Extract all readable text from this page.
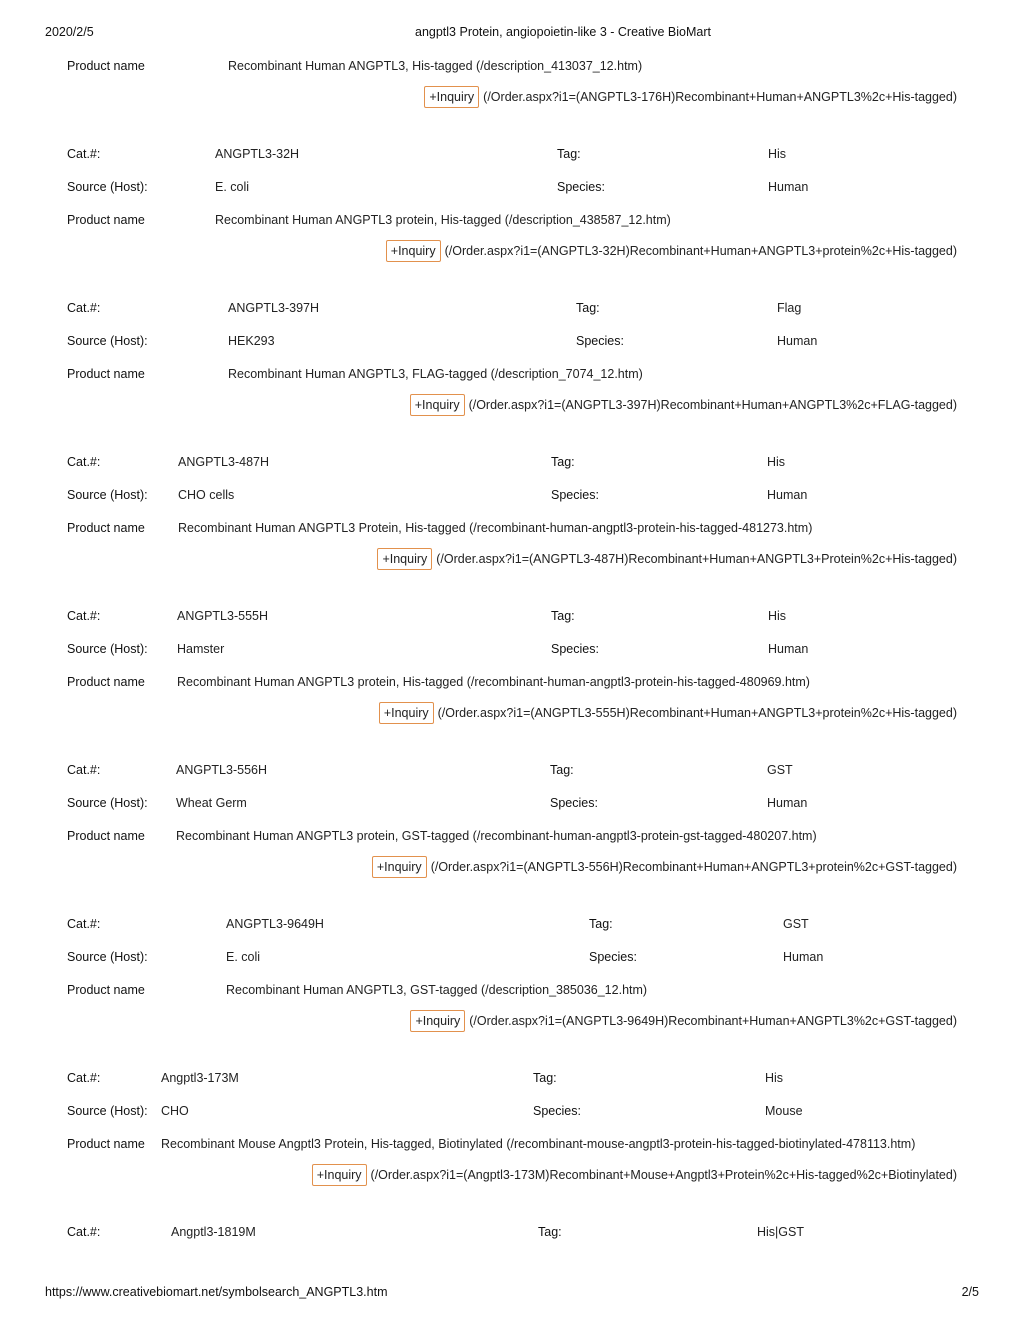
2020/2/5	angptl3 Protein, angiopoietin-like 3 - Creative BioMart
Product name	Recombinant Human ANGPTL3, His-tagged (/description_413037_12.htm)
+Inquiry (/Order.aspx?i1=(ANGPTL3-176H)Recombinant+Human+ANGPTL3%2c+His-tagged)
Cat.#:	ANGPTL3-32H	Tag:	His
Source (Host):	E. coli	Species:	Human
Product name	Recombinant Human ANGPTL3 protein, His-tagged (/description_438587_12.htm)
+Inquiry (/Order.aspx?i1=(ANGPTL3-32H)Recombinant+Human+ANGPTL3+protein%2c+His-tagged)
Cat.#:	ANGPTL3-397H	Tag:	Flag
Source (Host):	HEK293	Species:	Human
Product name	Recombinant Human ANGPTL3, FLAG-tagged (/description_7074_12.htm)
+Inquiry (/Order.aspx?i1=(ANGPTL3-397H)Recombinant+Human+ANGPTL3%2c+FLAG-tagged)
Cat.#:	ANGPTL3-487H	Tag:	His
Source (Host): CHO cells	Species:	Human
Product name	Recombinant Human ANGPTL3 Protein, His-tagged (/recombinant-human-angptl3-protein-his-tagged-481273.htm)
+Inquiry (/Order.aspx?i1=(ANGPTL3-487H)Recombinant+Human+ANGPTL3+Protein%2c+His-tagged)
Cat.#:	ANGPTL3-555H	Tag:	His
Source (Host): Hamster	Species:	Human
Product name	Recombinant Human ANGPTL3 protein, His-tagged (/recombinant-human-angptl3-protein-his-tagged-480969.htm)
+Inquiry (/Order.aspx?i1=(ANGPTL3-555H)Recombinant+Human+ANGPTL3+protein%2c+His-tagged)
Cat.#:	ANGPTL3-556H	Tag:	GST
Source (Host): Wheat Germ	Species:	Human
Product name Recombinant Human ANGPTL3 protein, GST-tagged (/recombinant-human-angptl3-protein-gst-tagged-480207.htm)
+Inquiry (/Order.aspx?i1=(ANGPTL3-556H)Recombinant+Human+ANGPTL3+protein%2c+GST-tagged)
Cat.#:	ANGPTL3-9649H	Tag:	GST
Source (Host):	E. coli	Species:	Human
Product name	Recombinant Human ANGPTL3, GST-tagged (/description_385036_12.htm)
+Inquiry (/Order.aspx?i1=(ANGPTL3-9649H)Recombinant+Human+ANGPTL3%2c+GST-tagged)
Cat.#:	Angptl3-173M	Tag:	His
Source (Host): CHO	Species:	Mouse
Product name Recombinant Mouse Angptl3 Protein, His-tagged, Biotinylated (/recombinant-mouse-angptl3-protein-his-tagged-biotinylated-478113.htm)
+Inquiry (/Order.aspx?i1=(Angptl3-173M)Recombinant+Mouse+Angptl3+Protein%2c+His-tagged%2c+Biotinylated)
Cat.#:	Angptl3-1819M	Tag:	His|GST
https://www.creativebiomart.net/symbolsearch_ANGPTL3.htm	2/5
